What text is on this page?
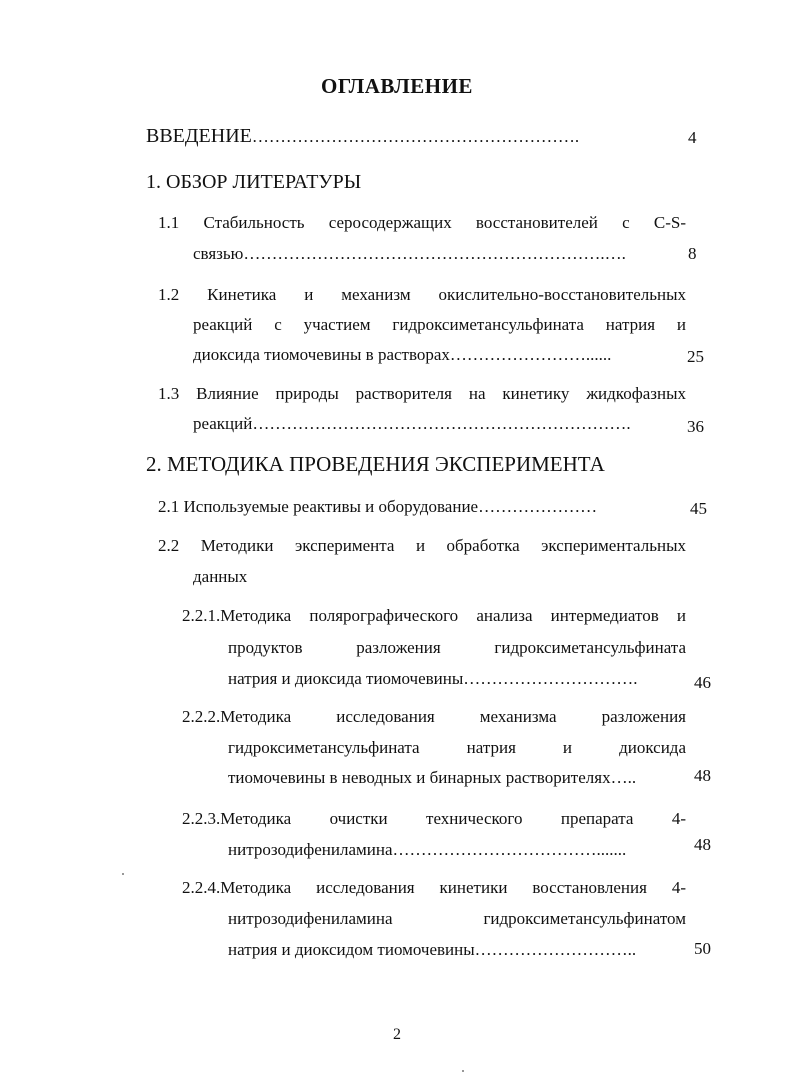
ОГЛАВЛЕНИЕ
ВВЕДЕНИЕ………………………………………………….	4
1. ОБЗОР ЛИТЕРАТУРЫ
1.1 Стабильность серосодержащих восстановителей с C-S-
связью……………………………………………………….….	8
1.2 Кинетика и механизм окислительно-восстановительных
реакций с участием гидроксиметансульфината натрия и
диоксида тиомочевины в растворах……………………......	25
1.3 Влияние природы растворителя на кинетику жидкофазных
реакций………………………………………………………….	36
2. МЕТОДИКА ПРОВЕДЕНИЯ ЭКСПЕРИМЕНТА
2.1 Используемые реактивы и оборудование…………………	45
2.2 Методики эксперимента и обработка экспериментальных
данных
2.2.1.Методика полярографического анализа интермедиатов и
продуктов разложения гидроксиметансульфината
натрия и диоксида тиомочевины………………………….	46
2.2.2.Методика исследования механизма разложения
гидроксиметансульфината натрия и диоксида
тиомочевины в неводных и бинарных растворителях…..	48
2.2.3.Методика очистки технического препарата 4-
нитрозодифениламина……………………………….......	48
2.2.4.Методика исследования кинетики восстановления 4-
нитрозодифениламина гидроксиметансульфинатом
натрия и диоксидом тиомочевины………………………..	50
2
